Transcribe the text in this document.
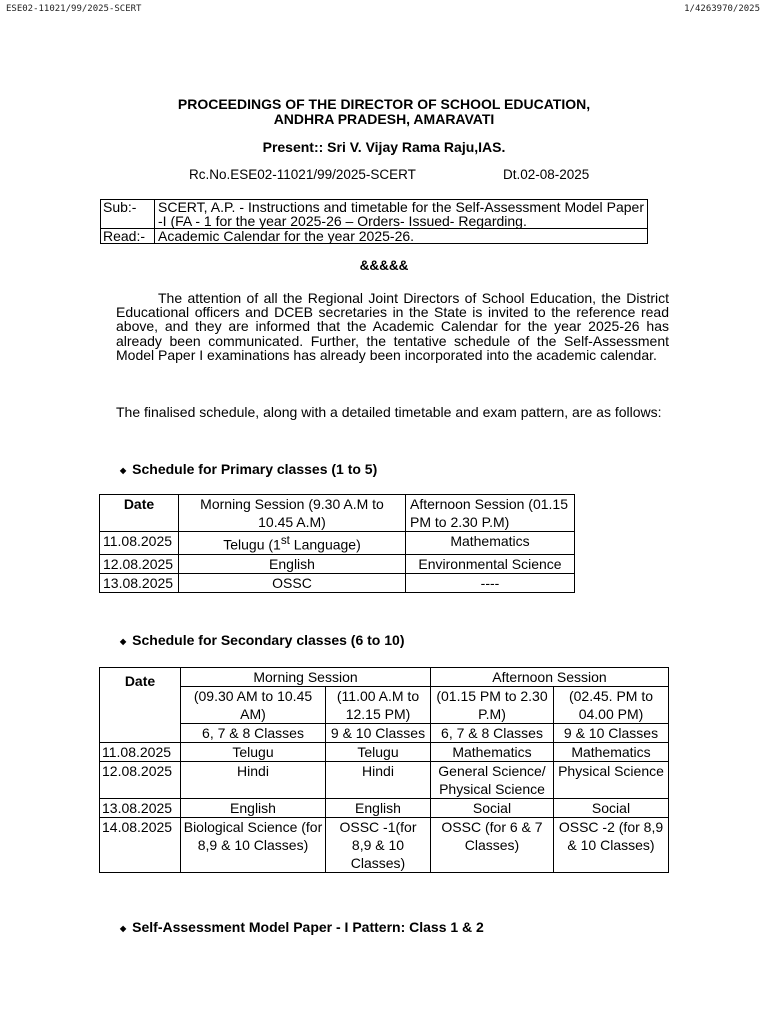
ESE02-11021/99/2025-SCERT	1/4263970/2025
PROCEEDINGS OF THE DIRECTOR OF SCHOOL EDUCATION,
ANDHRA PRADESH, AMARAVATI
Present:: Sri V. Vijay Rama Raju,IAS.
Rc.No.ESE02-11021/99/2025-SCERT	Dt.02-08-2025
Sub:-	SCERT, A.P. - Instructions and timetable for the Self-Assessment Model Paper -I (FA - 1 for the year 2025-26 – Orders- Issued- Regarding.
Read:-	Academic Calendar for the year 2025-26.
&&&&&
The attention of all the Regional Joint Directors of School Education, the District Educational officers and DCEB secretaries in the State is invited to the reference read above, and they are informed that the Academic Calendar for the year 2025-26 has already been communicated. Further, the tentative schedule of the Self-Assessment Model Paper I examinations has already been incorporated into the academic calendar.
The finalised schedule, along with a detailed timetable and exam pattern, are as follows:
◆ Schedule for Primary classes (1 to 5)
Date	Morning Session (9.30 A.M to 10.45 A.M)	Afternoon Session (01.15 PM to 2.30 P.M)
11.08.2025	Telugu (1st Language)	Mathematics
12.08.2025	English	Environmental Science
13.08.2025	OSSC	----
◆ Schedule for Secondary classes (6 to 10)
Date	Morning Session		Afternoon Session	
	(09.30 AM to 10.45 AM)	(11.00 A.M to 12.15 PM)	(01.15 PM to 2.30 P.M)	(02.45. PM to 04.00 PM)
	6, 7 & 8 Classes	9 & 10 Classes	6, 7 & 8 Classes	9 & 10 Classes
11.08.2025	Telugu	Telugu	Mathematics	Mathematics
12.08.2025	Hindi	Hindi	General Science/ Physical Science	Physical Science
13.08.2025	English	English	Social	Social
14.08.2025	Biological Science (for 8,9 & 10 Classes)	OSSC -1(for 8,9 & 10 Classes)	OSSC (for 6 & 7 Classes)	OSSC -2 (for 8,9 & 10 Classes)
◆ Self-Assessment Model Paper - I Pattern: Class 1 & 2
